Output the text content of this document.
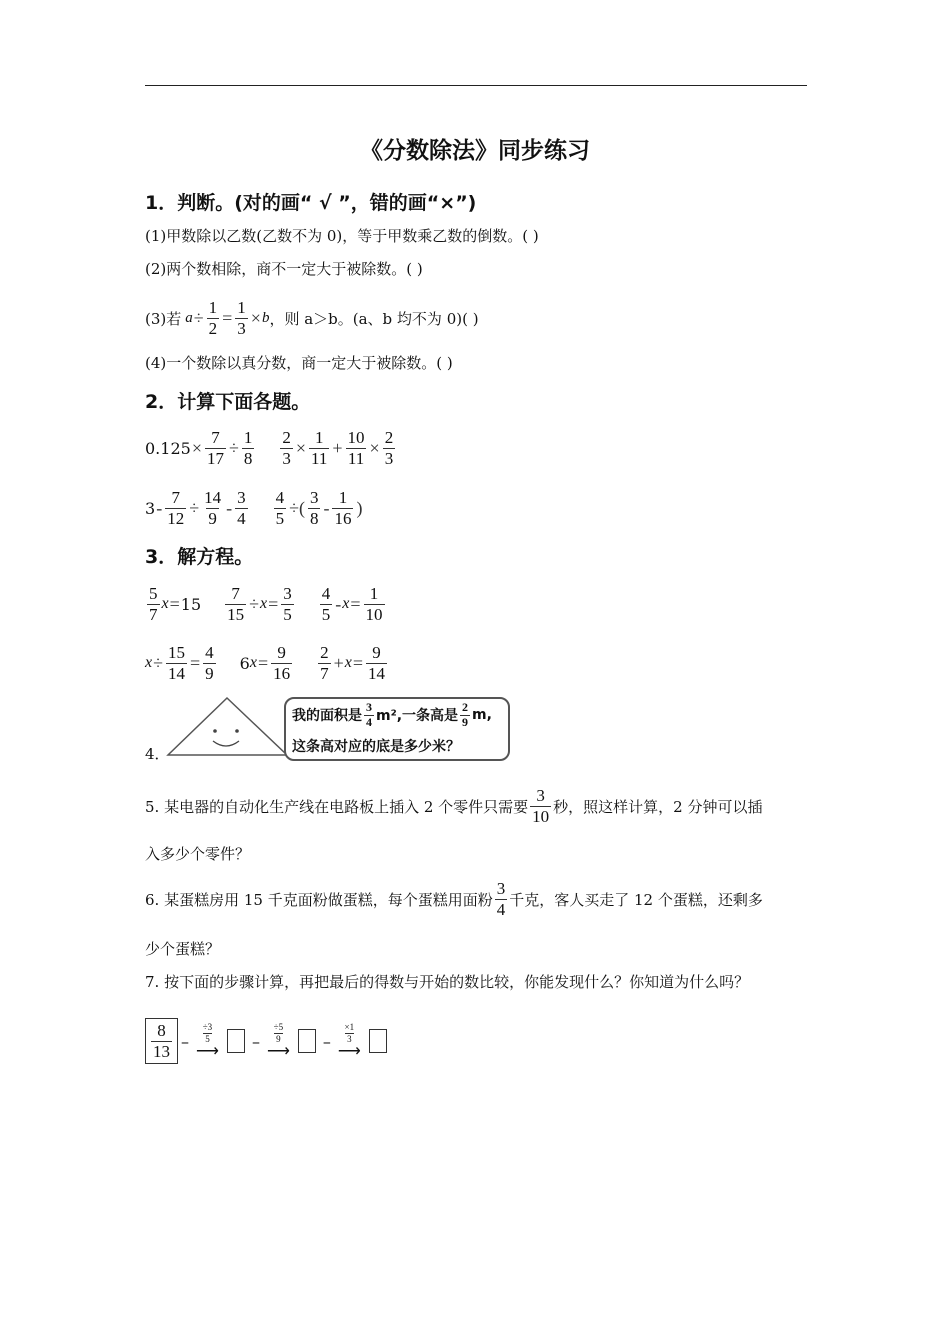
《分数除法》同步练习
1．判断。(对的画“ √ ”，错的画“×”)
(1)甲数除以乙数(乙数不为 0)，等于甲数乘乙数的倒数。( )
(2)两个数相除，商不一定大于被除数。( )
(3)若 $a \div \frac{1}{2} = \frac{1}{3} \times b$ ，则 a＞b。(a、b 均不为 0)( )
(4)一个数除以真分数，商一定大于被除数。( )
2．计算下面各题。
$0.125 \times \frac{7}{17} \div \frac{1}{8} \frac{2}{3} \times \frac{1}{11} + \frac{10}{11} \times \frac{2}{3}$
$3 - \frac{7}{12} \div \frac{14}{9} - \frac{3}{4} \frac{4}{5}$ ÷( $\frac{3}{8} - \frac{1}{16}$ )
3．解方程。
$\frac{5}{7}$ $x = 15 \frac{7}{15} \div x = \frac{3}{5} \frac{4}{5} - x = \frac{1}{10}$
$x \div \frac{15}{14} = \frac{4}{9} 6$ $x = \frac{9}{16} \frac{2}{7} + x = \frac{9}{14}$
4．
我的面积是 $\frac{3}{4} m^2$,一条高是 $\frac{2}{9} m$,
这条高对应的底是多少米？
5. 某电器的自动化生产线在电路板上插入 2 个零件只需要 $\frac{3}{10}$ 秒，照这样计算，2 分钟可以插
入多少个零件？
6. 某蛋糕房用 15 千克面粉做蛋糕，每个蛋糕用面粉 $\frac{3}{4}$ 千克，客人买走了 12 个蛋糕，还剩多
少个蛋糕？
7. 按下面的步骤计算，再把最后的得数与开始的数比较，你能发现什么？你知道为什么吗？
$\frac{8}{13} - \frac{\div 3}{5}$
⟶
– $\frac{\div 5}{9}$
⟶
– $\frac{\times 1}{3}$
⟶
